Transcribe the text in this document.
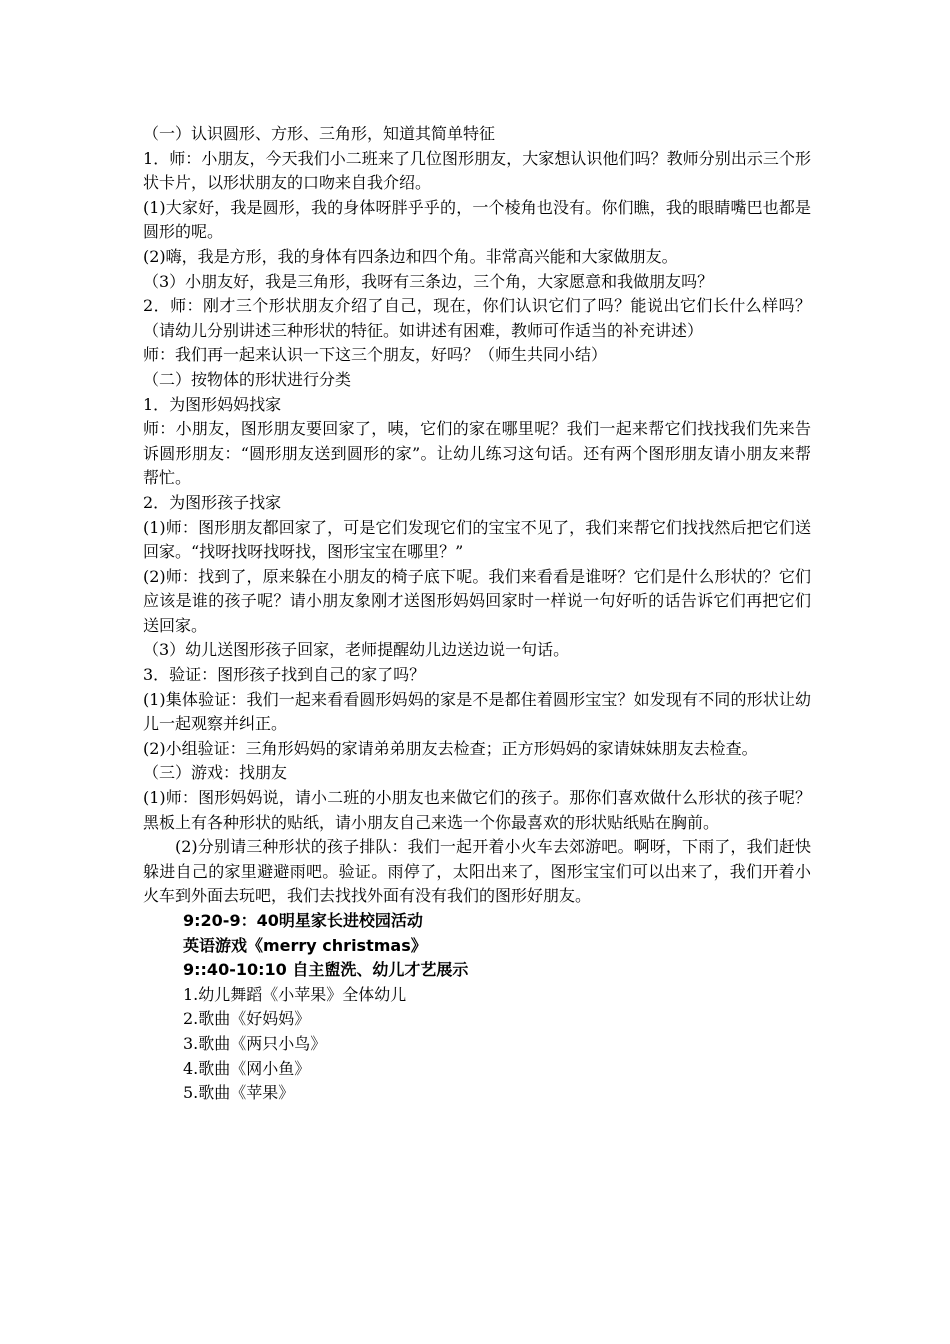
（一）认识圆形、方形、三角形，知道其简单特征

1．师：小朋友，今天我们小二班来了几位图形朋友，大家想认识他们吗？教师分别出示三个形状卡片，以形状朋友的口吻来自我介绍。

(1)大家好，我是圆形，我的身体呀胖乎乎的，一个棱角也没有。你们瞧，我的眼睛嘴巴也都是圆形的呢。

(2)嗨，我是方形，我的身体有四条边和四个角。非常高兴能和大家做朋友。

（3）小朋友好，我是三角形，我呀有三条边，三个角，大家愿意和我做朋友吗？

2．师：刚才三个形状朋友介绍了自己，现在，你们认识它们了吗？能说出它们长什么样吗？（请幼儿分别讲述三种形状的特征。如讲述有困难，教师可作适当的补充讲述）

师：我们再一起来认识一下这三个朋友，好吗？（师生共同小结）

（二）按物体的形状进行分类

1．为图形妈妈找家

师：小朋友，图形朋友要回家了，咦，它们的家在哪里呢？我们一起来帮它们找找我们先来告诉圆形朋友：“圆形朋友送到圆形的家”。让幼儿练习这句话。还有两个图形朋友请小朋友来帮帮忙。

2．为图形孩子找家

(1)师：图形朋友都回家了，可是它们发现它们的宝宝不见了，我们来帮它们找找然后把它们送回家。“找呀找呀找呀找，图形宝宝在哪里？”

(2)师：找到了，原来躲在小朋友的椅子底下呢。我们来看看是谁呀？它们是什么形状的？它们应该是谁的孩子呢？请小朋友象刚才送图形妈妈回家时一样说一句好听的话告诉它们再把它们送回家。

（3）幼儿送图形孩子回家，老师提醒幼儿边送边说一句话。

3．验证：图形孩子找到自己的家了吗？

(1)集体验证：我们一起来看看圆形妈妈的家是不是都住着圆形宝宝？如发现有不同的形状让幼儿一起观察并纠正。

(2)小组验证：三角形妈妈的家请弟弟朋友去检查；正方形妈妈的家请妹妹朋友去检查。

（三）游戏：找朋友

(1)师：图形妈妈说，请小二班的小朋友也来做它们的孩子。那你们喜欢做什么形状的孩子呢？黑板上有各种形状的贴纸，请小朋友自己来选一个你最喜欢的形状贴纸贴在胸前。

(2)分别请三种形状的孩子排队：我们一起开着小火车去郊游吧。啊呀，下雨了，我们赶快躲进自己的家里避避雨吧。验证。雨停了，太阳出来了，图形宝宝们可以出来了，我们开着小火车到外面去玩吧，我们去找找外面有没有我们的图形好朋友。

9:20-9：40明星家长进校园活动

英语游戏《merry christmas》

9::40-10:10 自主盥洗、幼儿才艺展示

1.幼儿舞蹈《小苹果》全体幼儿

2.歌曲《好妈妈》

3.歌曲《两只小鸟》

4.歌曲《网小鱼》

5.歌曲《苹果》
